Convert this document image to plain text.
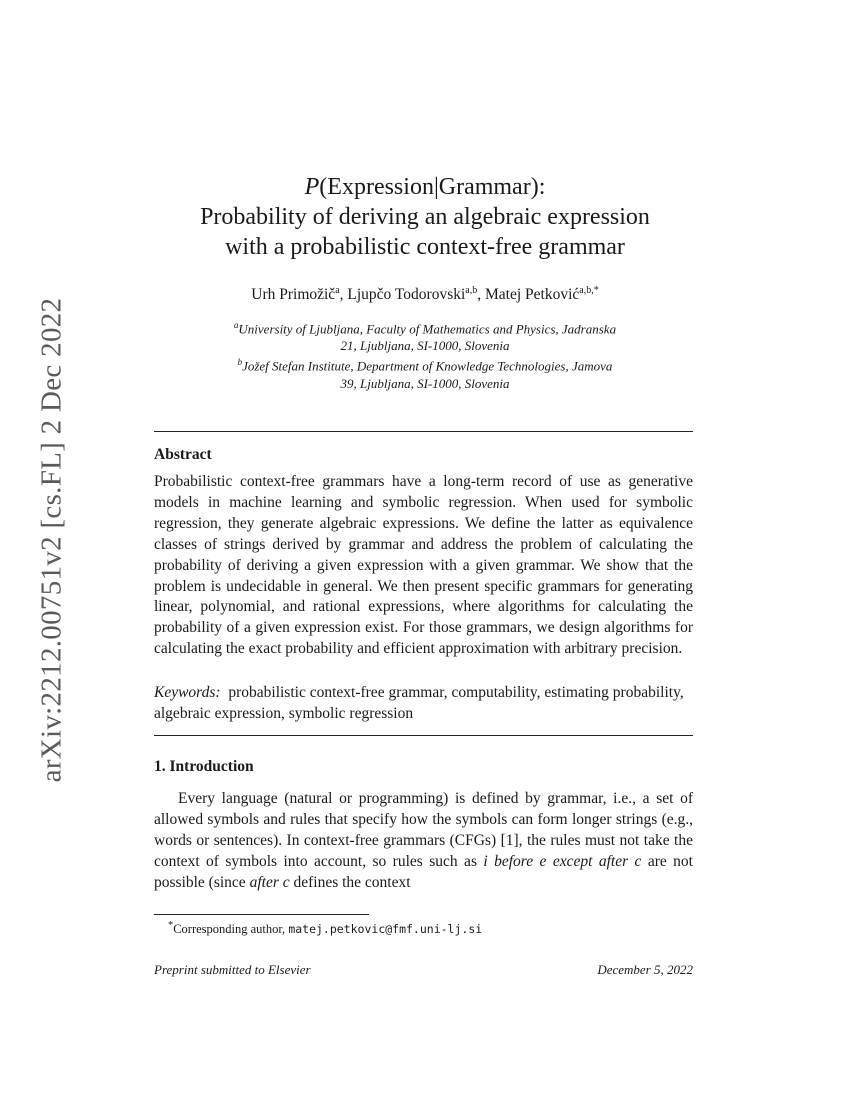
arXiv:2212.00751v2 [cs.FL] 2 Dec 2022
P(Expression|Grammar):
Probability of deriving an algebraic expression
with a probabilistic context-free grammar
Urh Primožič$^a$, Ljupčo Todorovski$^{a,b}$, Matej Petković$^{a,b,*}$
$^a$University of Ljubljana, Faculty of Mathematics and Physics, Jadranska
21, Ljubljana, SI-1000, Slovenia
$^b$Jožef Stefan Institute, Department of Knowledge Technologies, Jamova
39, Ljubljana, SI-1000, Slovenia
Abstract
Probabilistic context-free grammars have a long-term record of use as generative models in machine learning and symbolic regression. When used for symbolic regression, they generate algebraic expressions. We define the latter as equivalence classes of strings derived by grammar and address the problem of calculating the probability of deriving a given expression with a given grammar. We show that the problem is undecidable in general. We then present specific grammars for generating linear, polynomial, and rational expressions, where algorithms for calculating the probability of a given expression exist. For those grammars, we design algorithms for calculating the exact probability and efficient approximation with arbitrary precision.
Keywords: probabilistic context-free grammar, computability, estimating probability, algebraic expression, symbolic regression
1. Introduction
Every language (natural or programming) is defined by grammar, i.e., a set of allowed symbols and rules that specify how the symbols can form longer strings (e.g., words or sentences). In context-free grammars (CFGs) [1], the rules must not take the context of symbols into account, so rules such as i before e except after c are not possible (since after c defines the context
*Corresponding author, matej.petkovic@fmf.uni-lj.si
Preprint submitted to Elsevier	December 5, 2022
